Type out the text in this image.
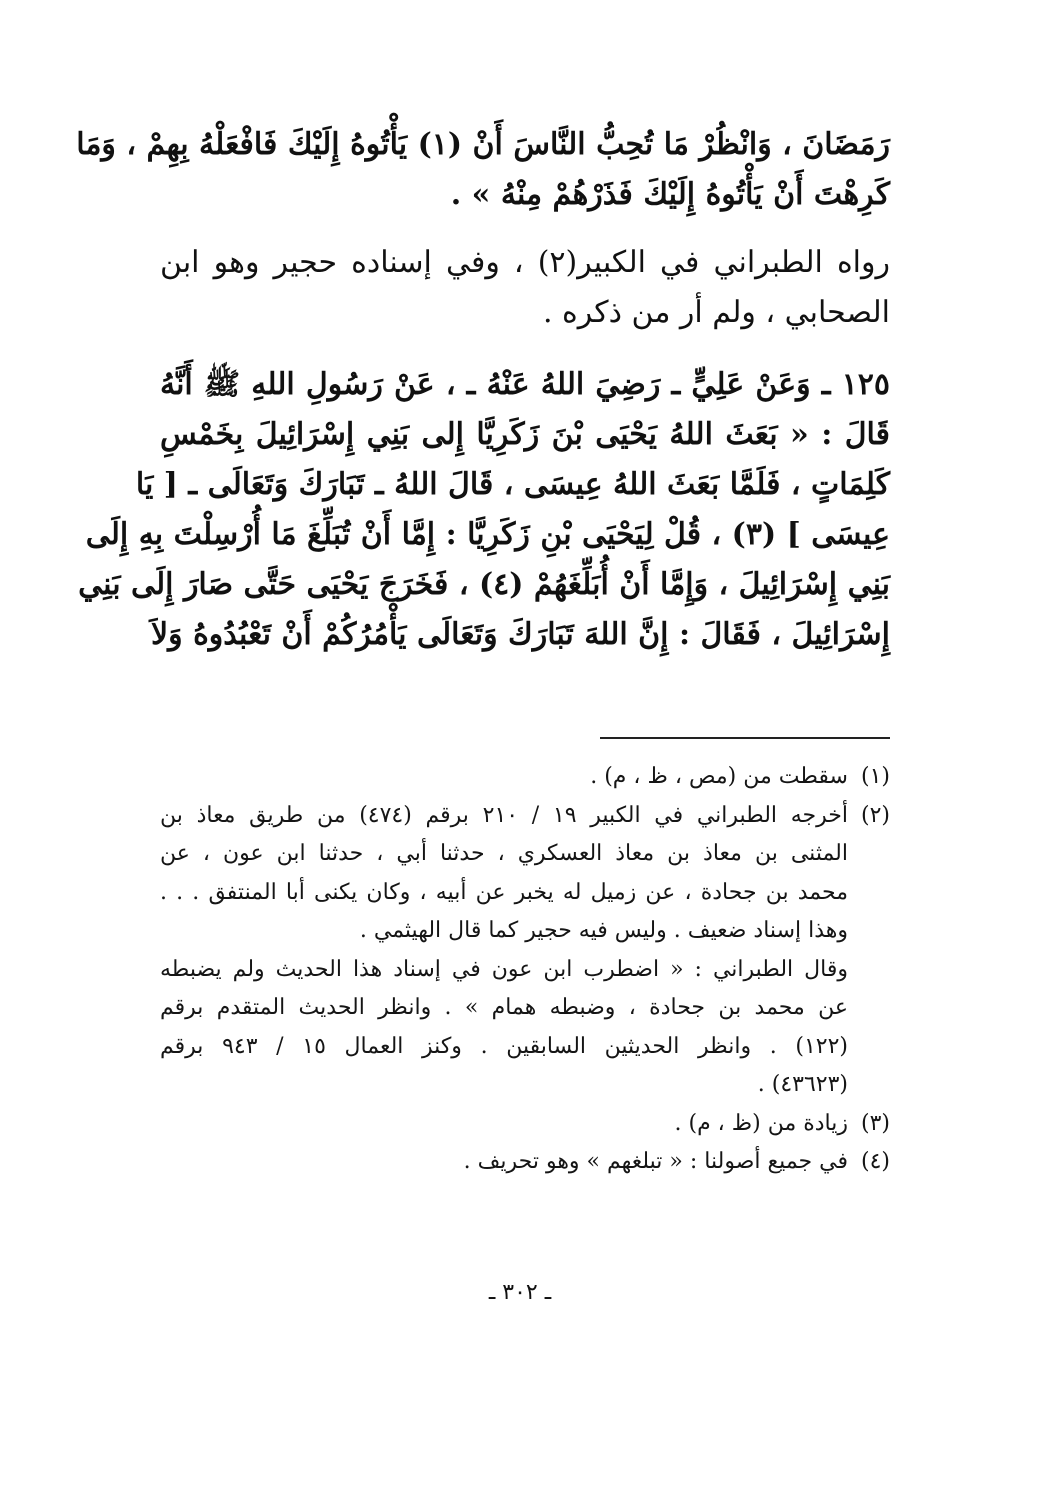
رَمَضَانَ ، وَانْظُرْ مَا تُحِبُّ النَّاسَ أَنْ (١) يَأْتُوهُ إِلَيْكَ فَافْعَلْهُ بِهِمْ ، وَمَا
كَرِهْتَ أَنْ يَأْتُوهُ إِلَيْكَ فَذَرْهُمْ مِنْهُ » .
رواه الطبراني في الكبير(٢) ، وفي إسناده حجير وهو ابن
الصحابي ، ولم أر من ذكره .
١٢٥ ـ وَعَنْ عَلِيٍّ ـ رَضِيَ اللهُ عَنْهُ ـ ، عَنْ رَسُولِ اللهِ ﷺ أَنَّهُ
قَالَ : « بَعَثَ اللهُ يَحْيَى بْنَ زَكَرِيَّا إِلى بَنِي إِسْرَائِيلَ بِخَمْسِ
كَلِمَاتٍ ، فَلَمَّا بَعَثَ اللهُ عِيسَى ، قَالَ اللهُ ـ تَبَارَكَ وَتَعَالَى ـ [ يَا
عِيسَى ] (٣) ، قُلْ لِيَحْيَى بْنِ زَكَرِيَّا : إِمَّا أَنْ تُبَلِّغَ مَا أُرْسِلْتَ بِهِ إِلَى
بَنِي إِسْرَائِيلَ ، وَإِمَّا أَنْ أُبَلِّغَهُمْ (٤) ، فَخَرَجَ يَحْيَى حَتَّى صَارَ إِلَى بَنِي
إِسْرَائِيلَ ، فَقَالَ : إِنَّ اللهَ تَبَارَكَ وَتَعَالَى يَأْمُرُكُمْ أَنْ تَعْبُدُوهُ وَلاَ
(١)
سقطت من (مص ، ظ ، م) .
(٢)
أخرجه الطبراني في الكبير ١٩ / ٢١٠ برقم (٤٧٤) من طريق معاذ بن
المثنى بن معاذ بن معاذ العسكري ، حدثنا أبي ، حدثنا ابن عون ، عن
محمد بن جحادة ، عن زميل له يخبر عن أبيه ، وكان يكنى أبا المنتفق . . .
وهذا إسناد ضعيف . وليس فيه حجير كما قال الهيثمي .
وقال الطبراني : « اضطرب ابن عون في إسناد هذا الحديث ولم يضبطه
عن محمد بن جحادة ، وضبطه همام » . وانظر الحديث المتقدم برقم
(١٢٢) . وانظر الحديثين السابقين . وكنز العمال ١٥ / ٩٤٣ برقم
(٤٣٦٢٣) .
(٣)
زيادة من (ظ ، م) .
(٤)
في جميع أصولنا : « تبلغهم » وهو تحريف .
ـ ٣٠٢ ـ
